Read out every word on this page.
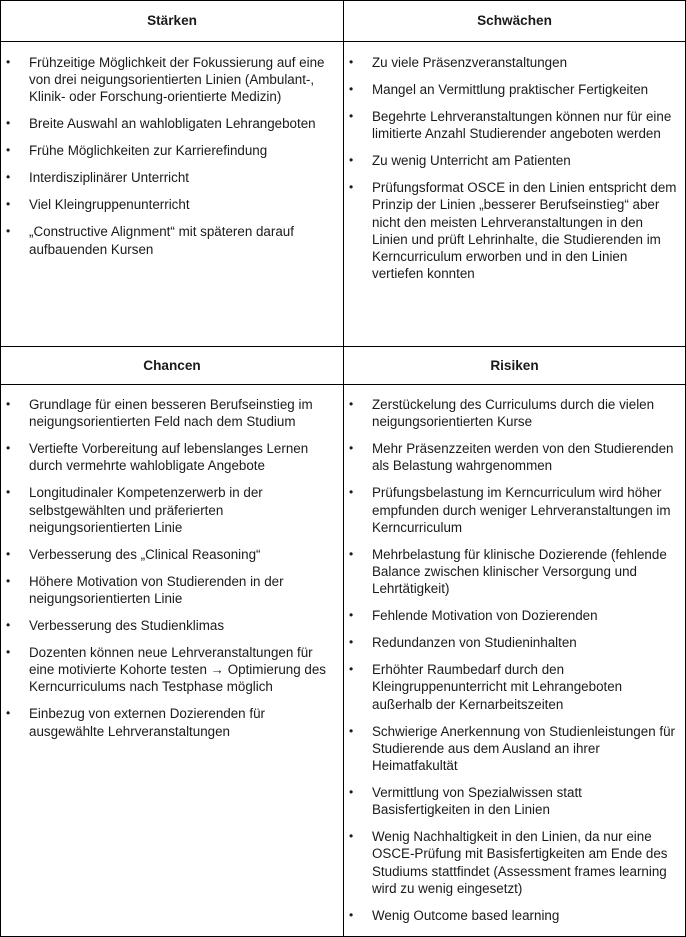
Stärken	Schwächen
• Frühzeitige Möglichkeit der Fokussierung auf eine von drei neigungsorientierten Linien (Ambulant-, Klinik- oder Forschung-orientierte Medizin)
• Breite Auswahl an wahlobligaten Lehrangeboten
• Frühe Möglichkeiten zur Karrierefindung
• Interdisziplinärer Unterricht
• Viel Kleingruppenunterricht
• „Constructive Alignment“ mit späteren darauf aufbauenden Kursen
• Zu viele Präsenzveranstaltungen
• Mangel an Vermittlung praktischer Fertigkeiten
• Begehrte Lehrveranstaltungen können nur für eine limitierte Anzahl Studierender angeboten werden
• Zu wenig Unterricht am Patienten
• Prüfungsformat OSCE in den Linien entspricht dem Prinzip der Linien „besserer Berufseinstieg“ aber nicht den meisten Lehrveranstaltungen in den Linien und prüft Lehrinhalte, die Studierenden im Kerncurriculum erworben und in den Linien vertiefen konnten
Chancen	Risiken
• Grundlage für einen besseren Berufseinstieg im neigungsorientierten Feld nach dem Studium
• Vertiefte Vorbereitung auf lebenslanges Lernen durch vermehrte wahlobligate Angebote
• Longitudinaler Kompetenzerwerb in der selbstgewählten und präferierten neigungsorientierten Linie
• Verbesserung des „Clinical Reasoning“
• Höhere Motivation von Studierenden in der neigungsorientierten Linie
• Verbesserung des Studienklimas
• Dozenten können neue Lehrveranstaltungen für eine motivierte Kohorte testen → Optimierung des Kerncurriculums nach Testphase möglich
• Einbezug von externen Dozierenden für ausgewählte Lehrveranstaltungen
• Zerstückelung des Curriculums durch die vielen neigungsorientierten Kurse
• Mehr Präsenzzeiten werden von den Studierenden als Belastung wahrgenommen
• Prüfungsbelastung im Kerncurriculum wird höher empfunden durch weniger Lehrveranstaltungen im Kerncurriculum
• Mehrbelastung für klinische Dozierende (fehlende Balance zwischen klinischer Versorgung und Lehrtätigkeit)
• Fehlende Motivation von Dozierenden
• Redundanzen von Studieninhalten
• Erhöhter Raumbedarf durch den Kleingruppenunterricht mit Lehrangeboten außerhalb der Kernarbeitszeiten
• Schwierige Anerkennung von Studienleistungen für Studierende aus dem Ausland an ihrer Heimatfakultät
• Vermittlung von Spezialwissen statt Basisfertigkeiten in den Linien
• Wenig Nachhaltigkeit in den Linien, da nur eine OSCE-Prüfung mit Basisfertigkeiten am Ende des Studiums stattfindet (Assessment frames learning wird zu wenig eingesetzt)
• Wenig Outcome based learning
